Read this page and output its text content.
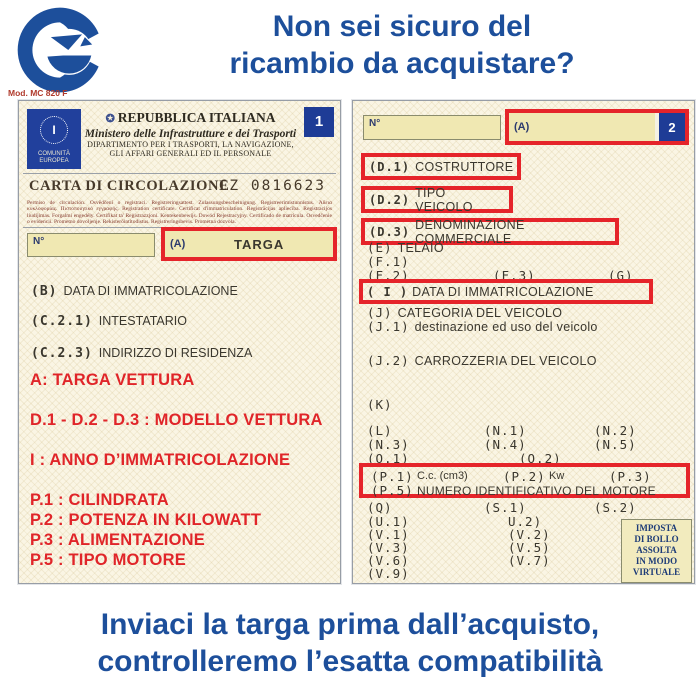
Non sei sicuro del
ricambio da acquistare?
Mod. MC 820 F
I
COMUNITÀ
EUROPEA
1
✪ REPUBBLICA ITALIANA
Ministero delle Infrastrutture e dei Trasporti
DIPARTIMENTO PER I TRASPORTI, LA NAVIGAZIONE,
GLI AFFARI GENERALI ED IL PERSONALE
CARTA DI CIRCOLAZIONE
CZ 0816623
Permiso de circulación. Osvědčení o registraci. Registreringsattest. Zulassungsbescheinigung. Registreerimistunnistus. Άδεια κυκλοφορίας. Πιστοποιητικό εγγραφής. Registration certificate. Certificat d'immatriculation. Registrācijas apliecība. Registracijos liudijimas. Forgalmi engedély. Ċertifikat ta' Reġistrazzjoni. Kentekenbewijs. Dowód Rejestracyjny. Certificado de matrícula. Osvedčenie o evidencii. Prometno dovoljenje. Rekisteröintitodistus. Registreringsbevis. Prometna dozvola.
N°	(A)	TARGA
(B) DATA DI IMMATRICOLAZIONE
(C.2.1) INTESTATARIO
(C.2.3) INDIRIZZO DI RESIDENZA
A: TARGA VETTURA
D.1 - D.2 - D.3 : MODELLO VETTURA
I : ANNO D’IMMATRICOLAZIONE
P.1 : CILINDRATA
P.2 : POTENZA IN KILOWATT
P.3 : ALIMENTAZIONE
P.5 : TIPO MOTORE
N°	(A)	2
(D.1) COSTRUTTORE
(D.2) TIPO VEICOLO
(D.3) DENOMINAZIONE COMMERCIALE
(E) TELAIO
(F.1)
(F.2)	(F.3)	(G)
( I ) DATA DI IMMATRICOLAZIONE
(J) CATEGORIA DEL VEICOLO
(J.1) destinazione ed uso del veicolo
(J.2) CARROZZERIA DEL VEICOLO
(K)
(L)	(N.1)	(N.2)
(N.3)	(N.4)	(N.5)
(O.1)	(O.2)
(P.1) C.c. (cm3)	(P.2) Kw	(P.3)
(P.5) NUMERO IDENTIFICATIVO DEL MOTORE
(Q)	(S.1)	(S.2)
(U.1)	U.2)
(V.1)	(V.2)
(V.3)	(V.5)
(V.6)	(V.7)
(V.9)
IMPOSTA
DI BOLLO
ASSOLTA
IN MODO
VIRTUALE
Inviaci la targa prima dall’acquisto,
controlleremo l’esatta compatibilità
